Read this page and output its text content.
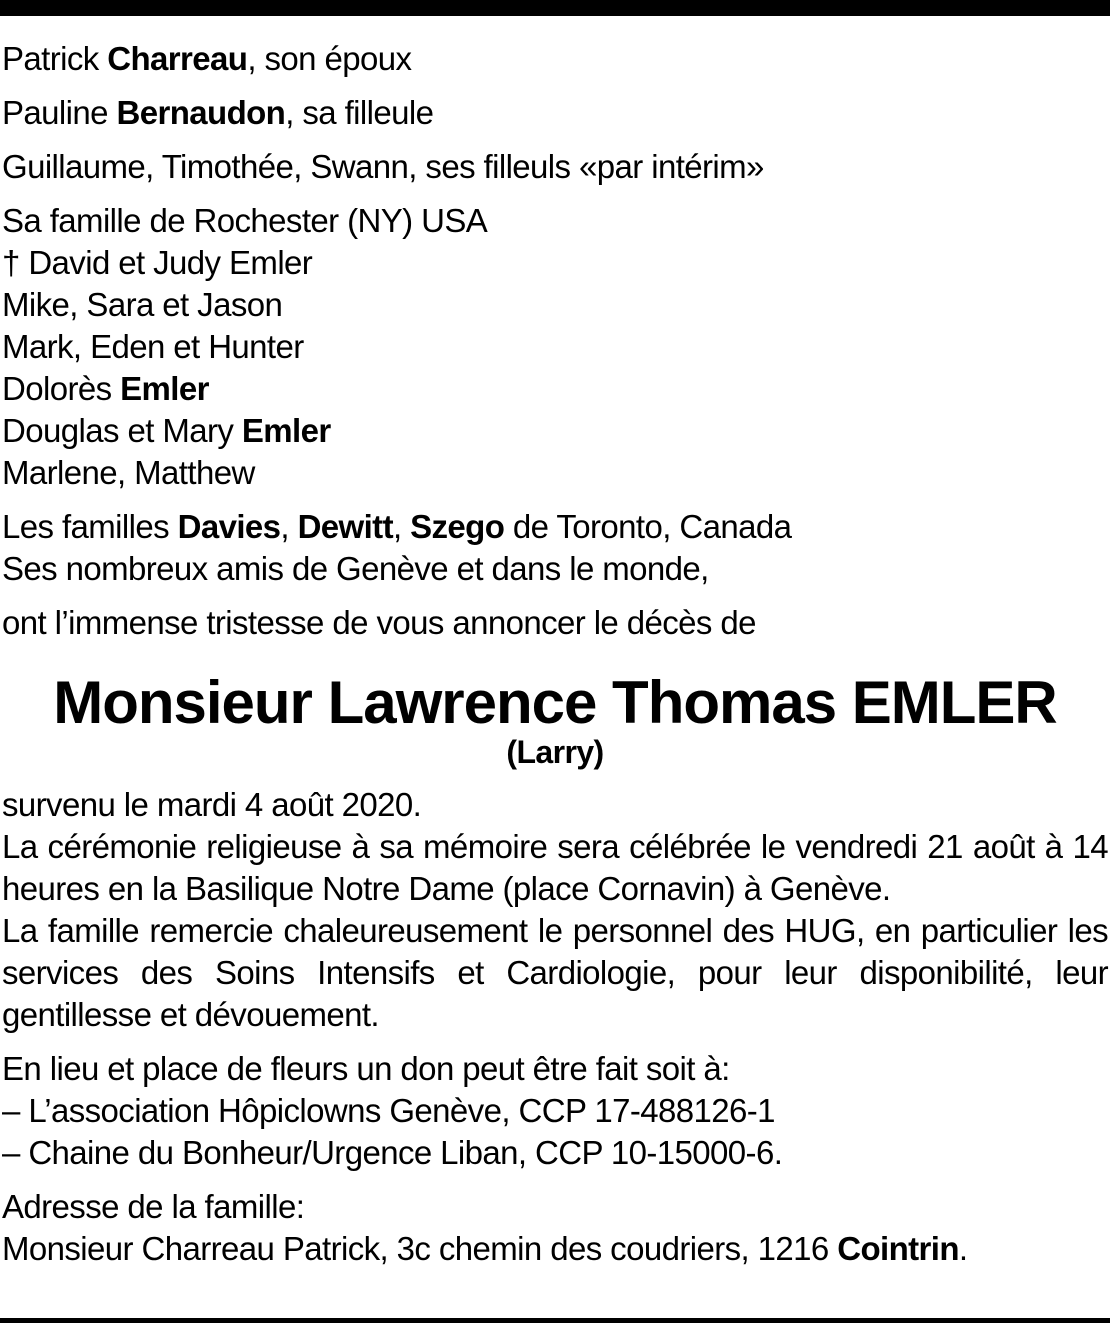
Patrick Charreau, son époux
Pauline Bernaudon, sa filleule
Guillaume, Timothée, Swann, ses filleuls «par intérim»
Sa famille de Rochester (NY) USA
† David et Judy Emler
Mike, Sara et Jason
Mark, Eden et Hunter
Dolorès Emler
Douglas et Mary Emler
Marlene, Matthew
Les familles Davies, Dewitt, Szego de Toronto, Canada
Ses nombreux amis de Genève et dans le monde,
ont l’immense tristesse de vous annoncer le décès de
Monsieur Lawrence Thomas EMLER
(Larry)
survenu le mardi 4 août 2020.
La cérémonie religieuse à sa mémoire sera célébrée le vendredi 21 août à 14 heures en la Basilique Notre Dame (place Cornavin) à Genève.
La famille remercie chaleureusement le personnel des HUG, en particulier les services des Soins Intensifs et Cardiologie, pour leur disponibilité, leur gentillesse et dévouement.
En lieu et place de fleurs un don peut être fait soit à:
– L’association Hôpiclowns Genève, CCP 17-488126-1
– Chaine du Bonheur/Urgence Liban, CCP 10-15000-6.
Adresse de la famille:
Monsieur Charreau Patrick, 3c chemin des coudriers, 1216 Cointrin.
